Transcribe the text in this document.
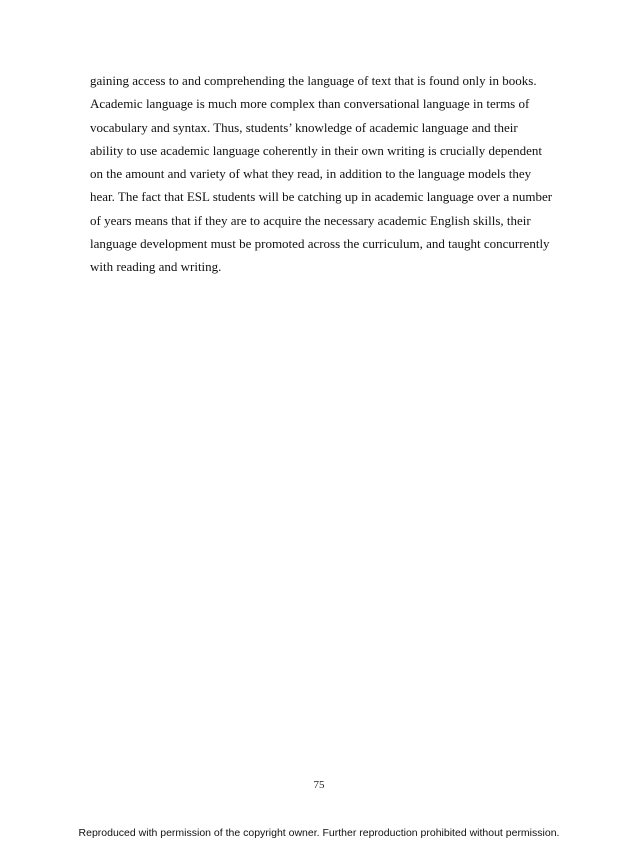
gaining access to and comprehending the language of text that is found only in books.
Academic language is much more complex than conversational language in terms of
vocabulary and syntax. Thus, students’ knowledge of academic language and their
ability to use academic language coherently in their own writing is crucially dependent
on the amount and variety of what they read, in addition to the language models they
hear. The fact that ESL students will be catching up in academic language over a number
of years means that if they are to acquire the necessary academic English skills, their
language development must be promoted across the curriculum, and taught concurrently
with reading and writing.

75
Reproduced with permission of the copyright owner. Further reproduction prohibited without permission.
